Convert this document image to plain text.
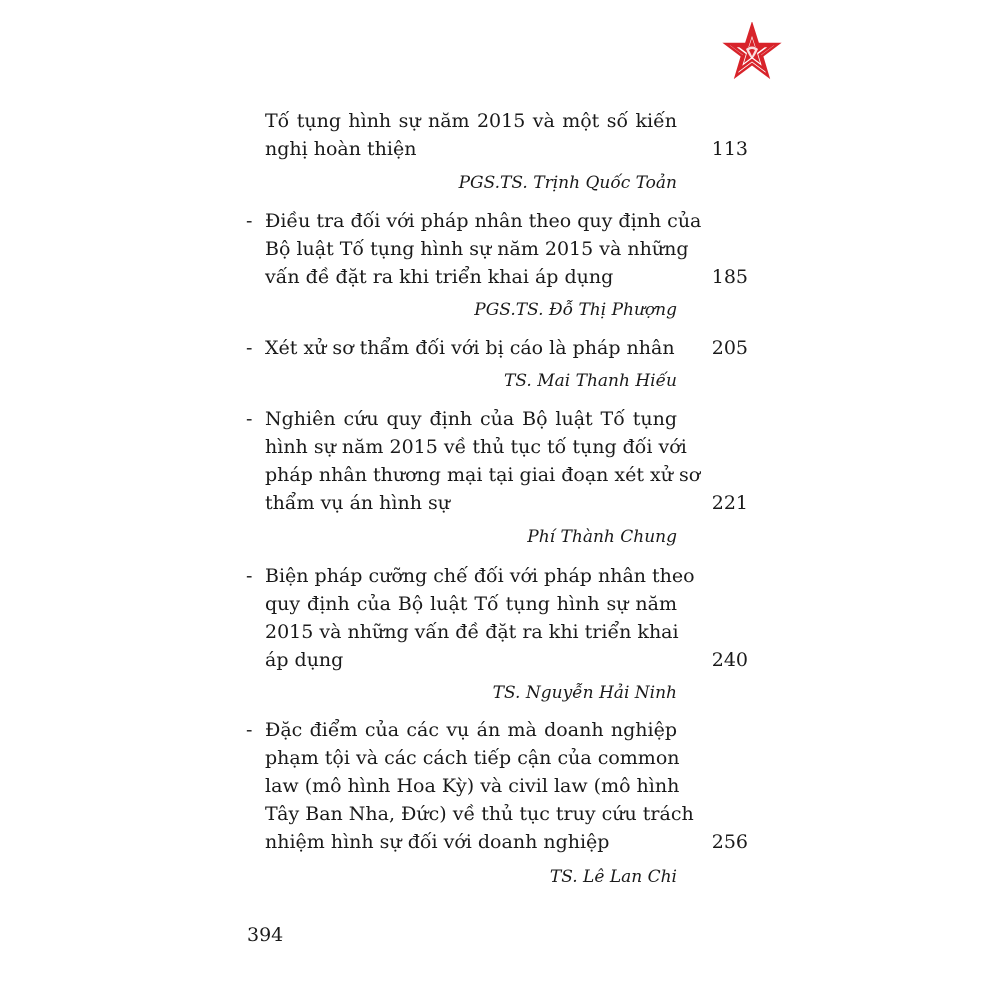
Tố tụng hình sự năm 2015 và một số kiến
nghị hoàn thiện	113
PGS.TS. Trịnh Quốc Toản
- Điều tra đối với pháp nhân theo quy định của
Bộ luật Tố tụng hình sự năm 2015 và những
vấn đề đặt ra khi triển khai áp dụng	185
PGS.TS. Đỗ Thị Phượng
- Xét xử sơ thẩm đối với bị cáo là pháp nhân	205
TS. Mai Thanh Hiếu
- Nghiên cứu quy định của Bộ luật Tố tụng
hình sự năm 2015 về thủ tục tố tụng đối với
pháp nhân thương mại tại giai đoạn xét xử sơ
thẩm vụ án hình sự	221
Phí Thành Chung
- Biện pháp cưỡng chế đối với pháp nhân theo
quy định của Bộ luật Tố tụng hình sự năm
2015 và những vấn đề đặt ra khi triển khai
áp dụng	240
TS. Nguyễn Hải Ninh
- Đặc điểm của các vụ án mà doanh nghiệp
phạm tội và các cách tiếp cận của common
law (mô hình Hoa Kỳ) và civil law (mô hình
Tây Ban Nha, Đức) về thủ tục truy cứu trách
nhiệm hình sự đối với doanh nghiệp	256
TS. Lê Lan Chi
394
